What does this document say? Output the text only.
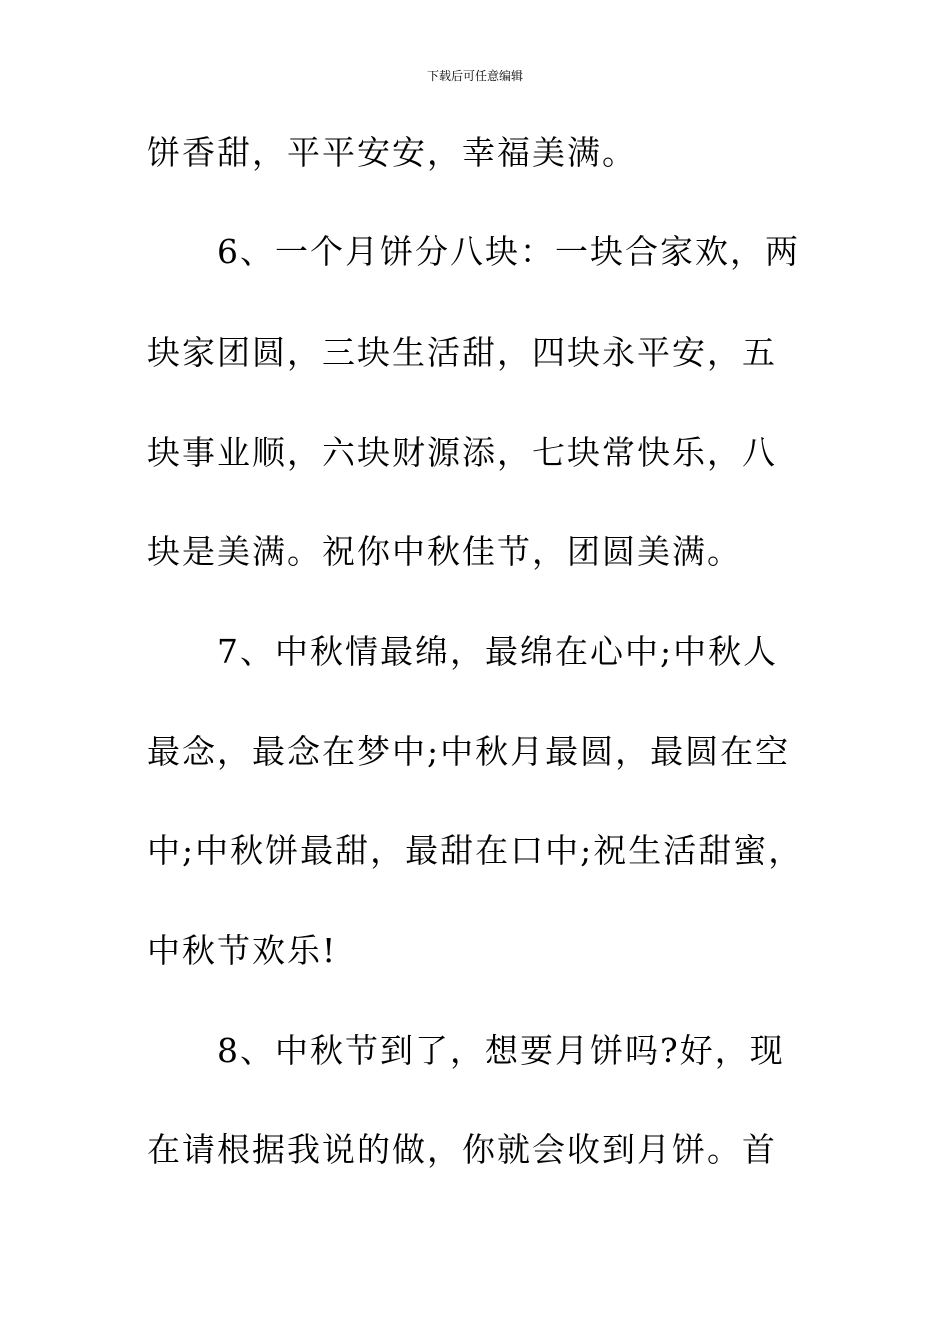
下载后可任意编辑
饼香甜，平平安安，幸福美满。
6、一个月饼分八块：一块合家欢，两
块家团圆，三块生活甜，四块永平安，五
块事业顺，六块财源添，七块常快乐，八
块是美满。祝你中秋佳节，团圆美满。
7、中秋情最绵，最绵在心中;中秋人
最念，最念在梦中;中秋月最圆，最圆在空
中;中秋饼最甜，最甜在口中;祝生活甜蜜，
中秋节欢乐!
8、中秋节到了，想要月饼吗?好，现
在请根据我说的做，你就会收到月饼。首
